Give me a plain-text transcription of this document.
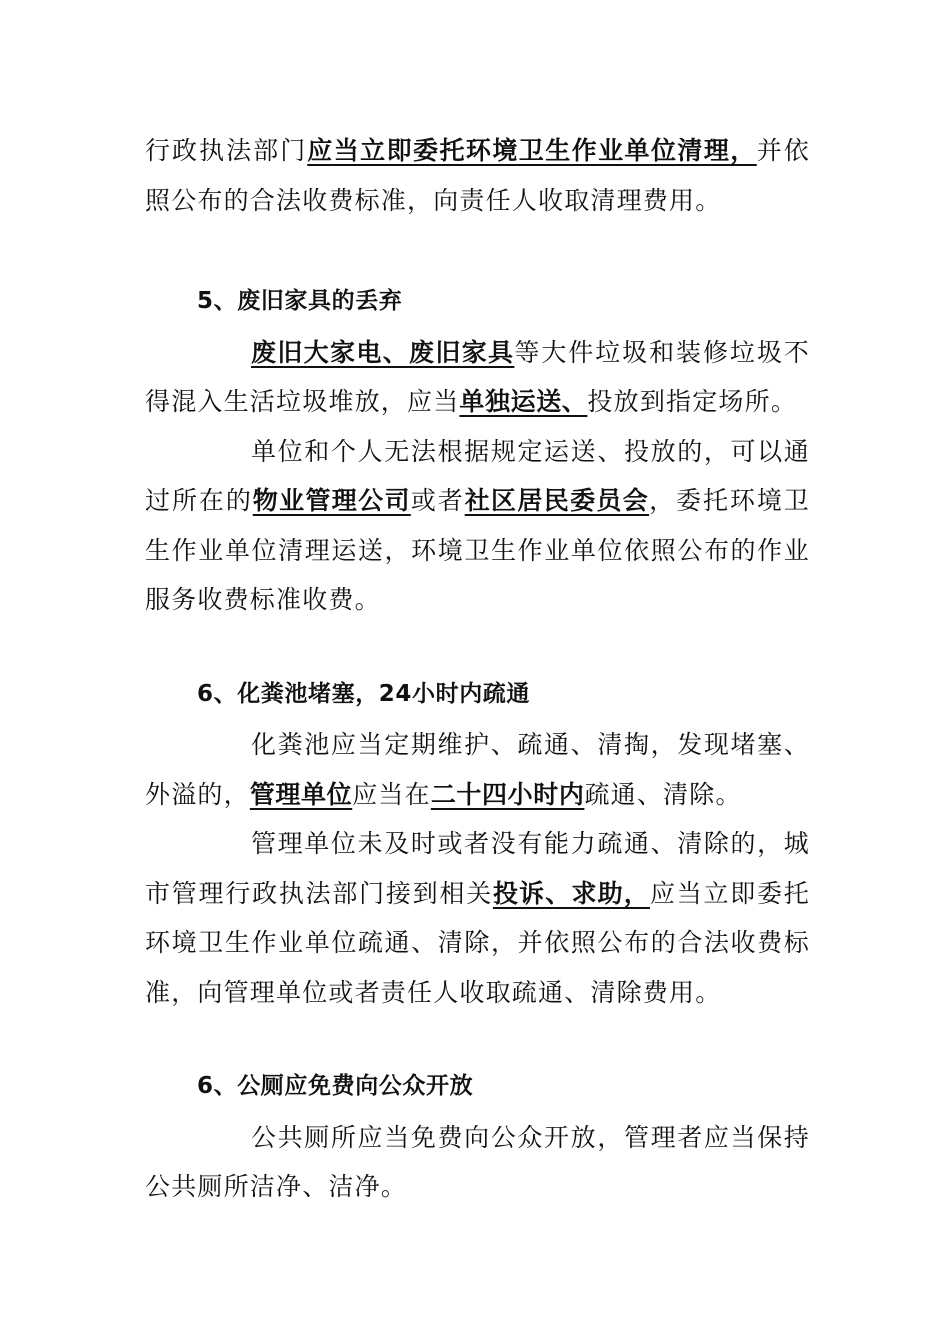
行政执法部门应当立即委托环境卫生作业单位清理，并依照公布的合法收费标准，向责任人收取清理费用。

5、废旧家具的丢弃

废旧大家电、废旧家具等大件垃圾和装修垃圾不得混入生活垃圾堆放，应当单独运送、投放到指定场所。

单位和个人无法根据规定运送、投放的，可以通过所在的物业管理公司或者社区居民委员会，委托环境卫生作业单位清理运送，环境卫生作业单位依照公布的作业服务收费标准收费。

6、化粪池堵塞，24小时内疏通

化粪池应当定期维护、疏通、清掏，发现堵塞、外溢的，管理单位应当在二十四小时内疏通、清除。

管理单位未及时或者没有能力疏通、清除的，城市管理行政执法部门接到相关投诉、求助，应当立即委托环境卫生作业单位疏通、清除，并依照公布的合法收费标准，向管理单位或者责任人收取疏通、清除费用。

6、公厕应免费向公众开放

公共厕所应当免费向公众开放，管理者应当保持公共厕所洁净、洁净。
